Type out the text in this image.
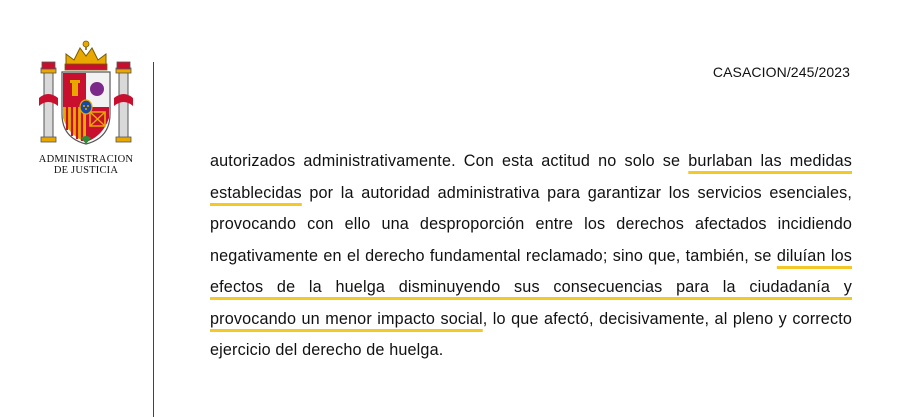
ADMINISTRACION
DE JUSTICIA
CASACION/245/2023

autorizados administrativamente. Con esta actitud no solo se burlaban las medidas establecidas por la autoridad administrativa para garantizar los servicios esenciales, provocando con ello una desproporción entre los derechos afectados incidiendo negativamente en el derecho fundamental reclamado; sino que, también, se diluían los efectos de la huelga disminuyendo sus consecuencias para la ciudadanía y provocando un menor impacto social, lo que afectó, decisivamente, al pleno y correcto ejercicio del derecho de huelga.
